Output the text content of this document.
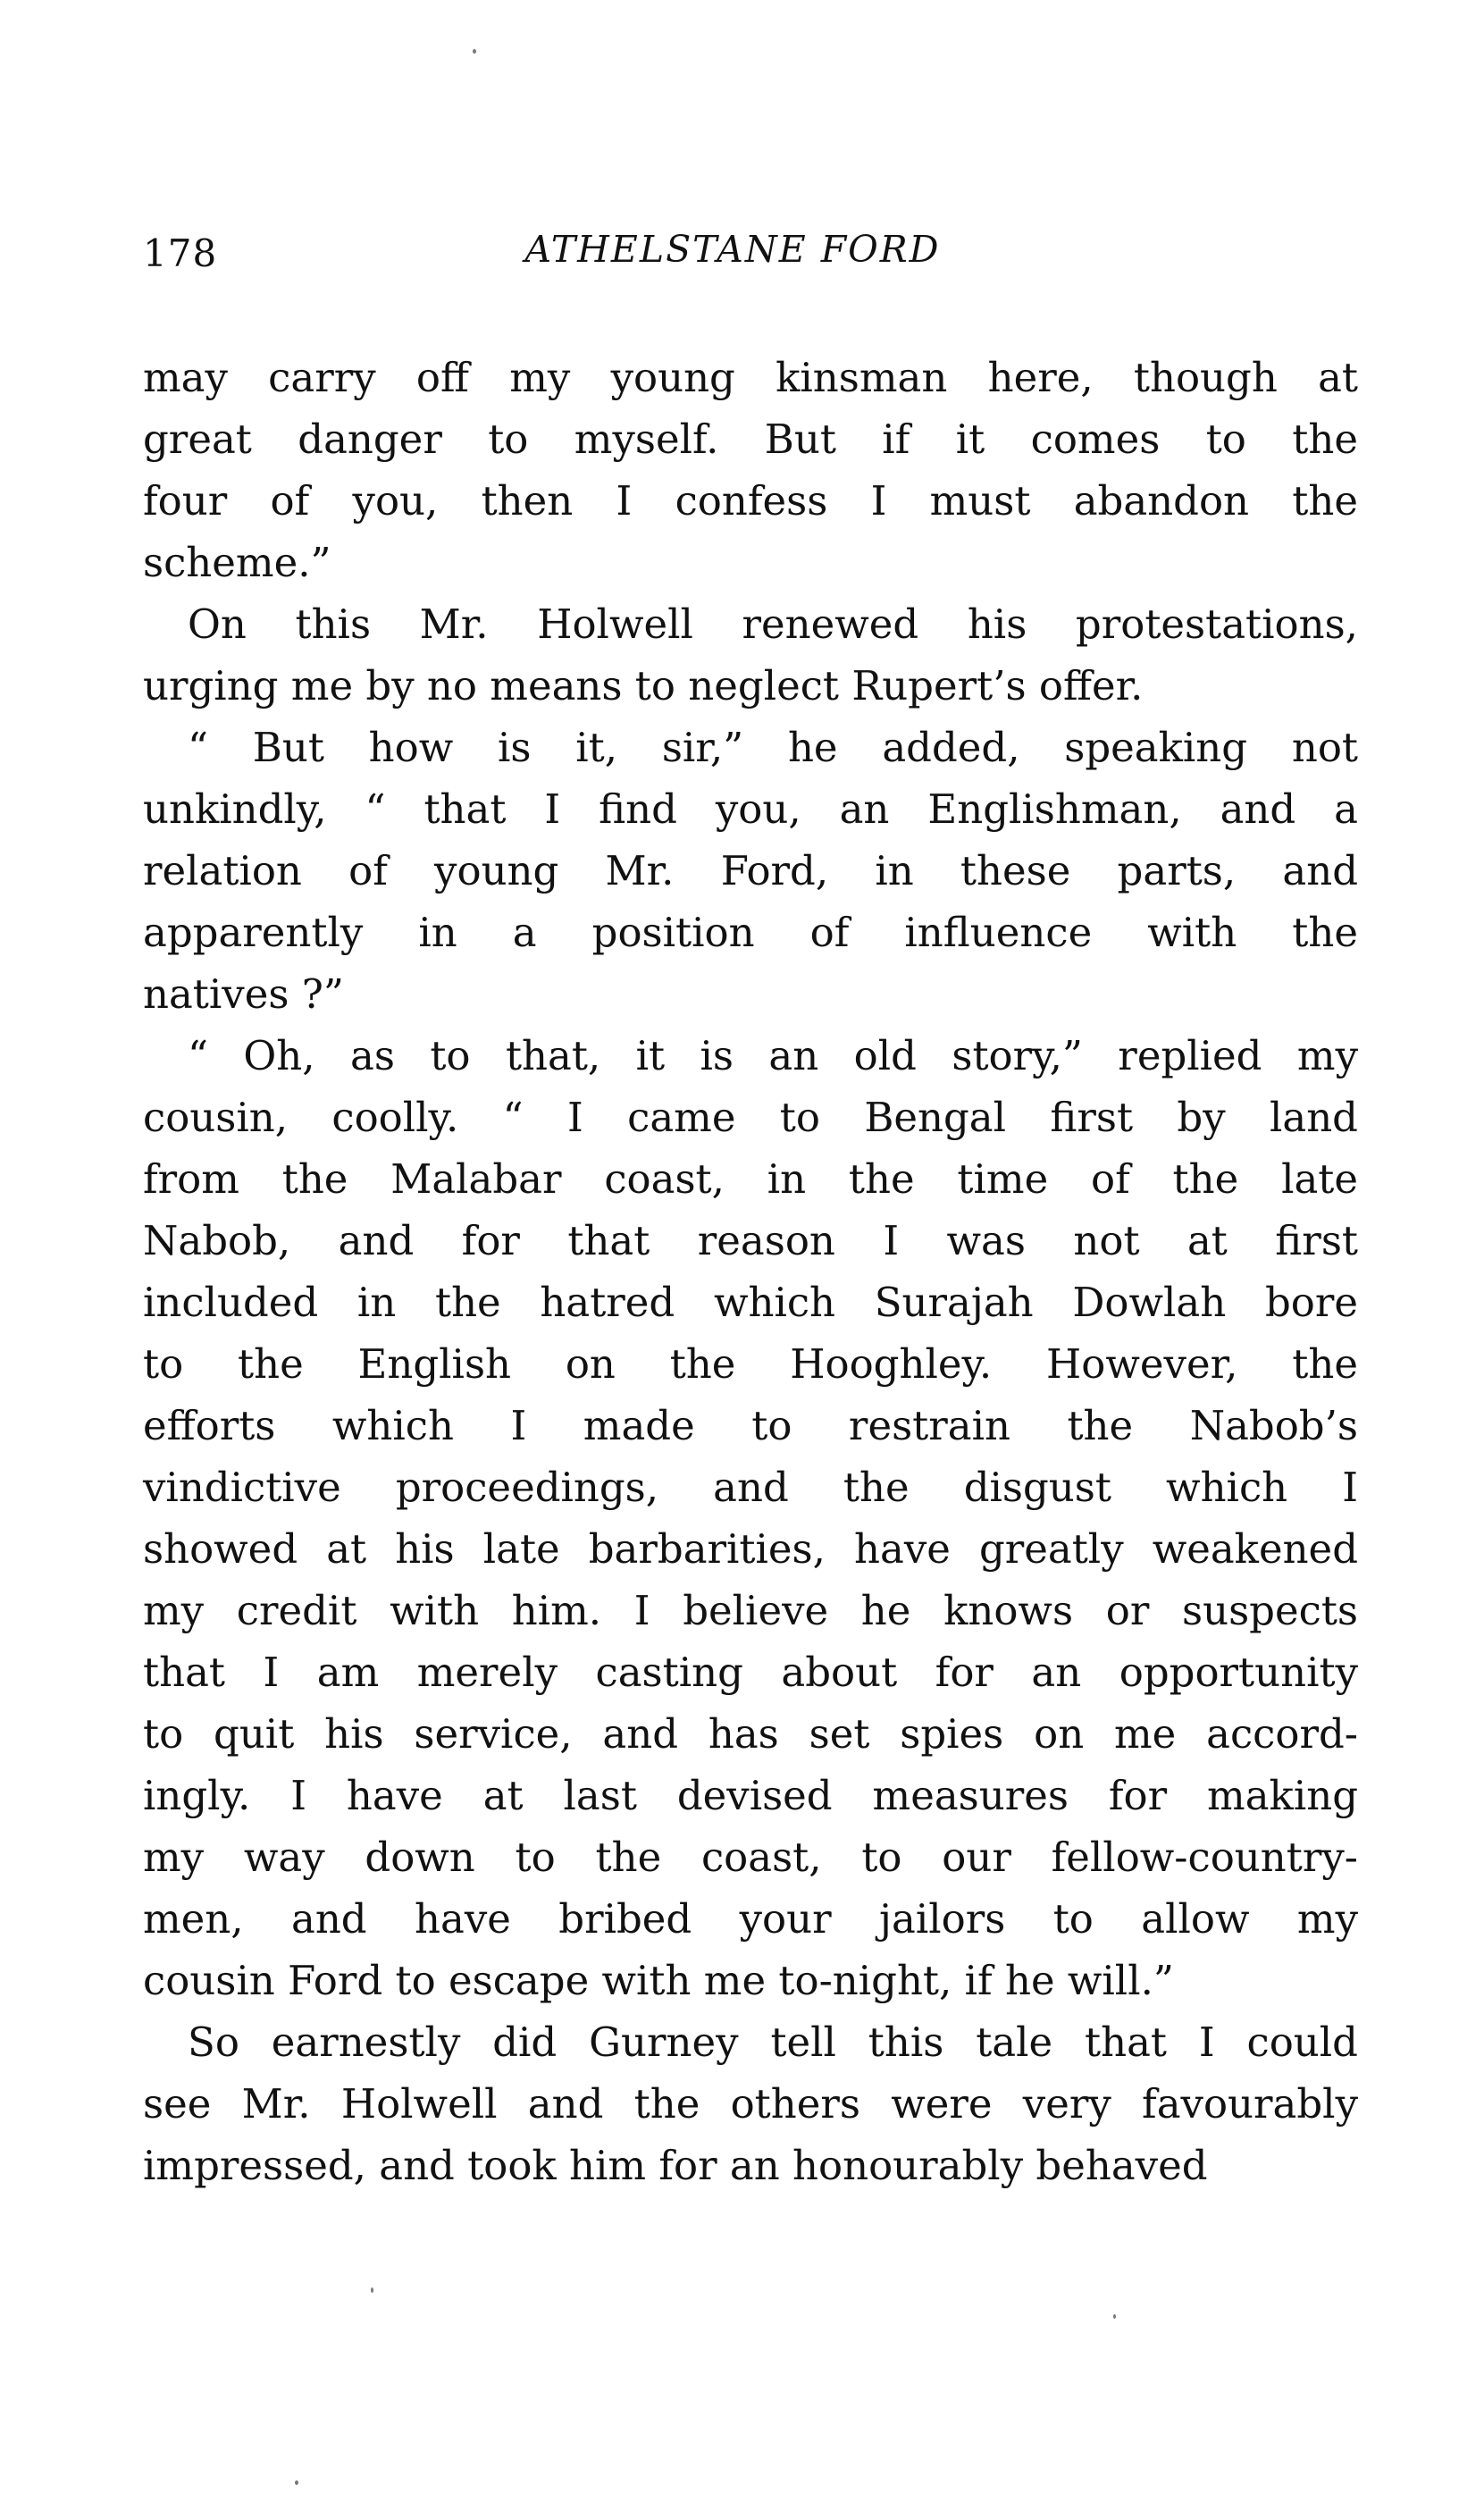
178	ATHELSTANE FORD
may carry off my young kinsman here, though at
great danger to myself. But if it comes to the
four of you, then I confess I must abandon the
scheme.”
On this Mr. Holwell renewed his protestations,
urging me by no means to neglect Rupert’s offer.
“ But how is it, sir,” he added, speaking not
unkindly, “ that I find you, an Englishman, and a
relation of young Mr. Ford, in these parts, and
apparently in a position of influence with the
natives ?”
“ Oh, as to that, it is an old story,” replied my
cousin, coolly. “ I came to Bengal first by land
from the Malabar coast, in the time of the late
Nabob, and for that reason I was not at first
included in the hatred which Surajah Dowlah bore
to the English on the Hooghley. However, the
efforts which I made to restrain the Nabob’s
vindictive proceedings, and the disgust which I
showed at his late barbarities, have greatly weakened
my credit with him. I believe he knows or suspects
that I am merely casting about for an opportunity
to quit his service, and has set spies on me accord-
ingly. I have at last devised measures for making
my way down to the coast, to our fellow-country-
men, and have bribed your jailors to allow my
cousin Ford to escape with me to-night, if he will.”
So earnestly did Gurney tell this tale that I could
see Mr. Holwell and the others were very favourably
impressed, and took him for an honourably behaved
